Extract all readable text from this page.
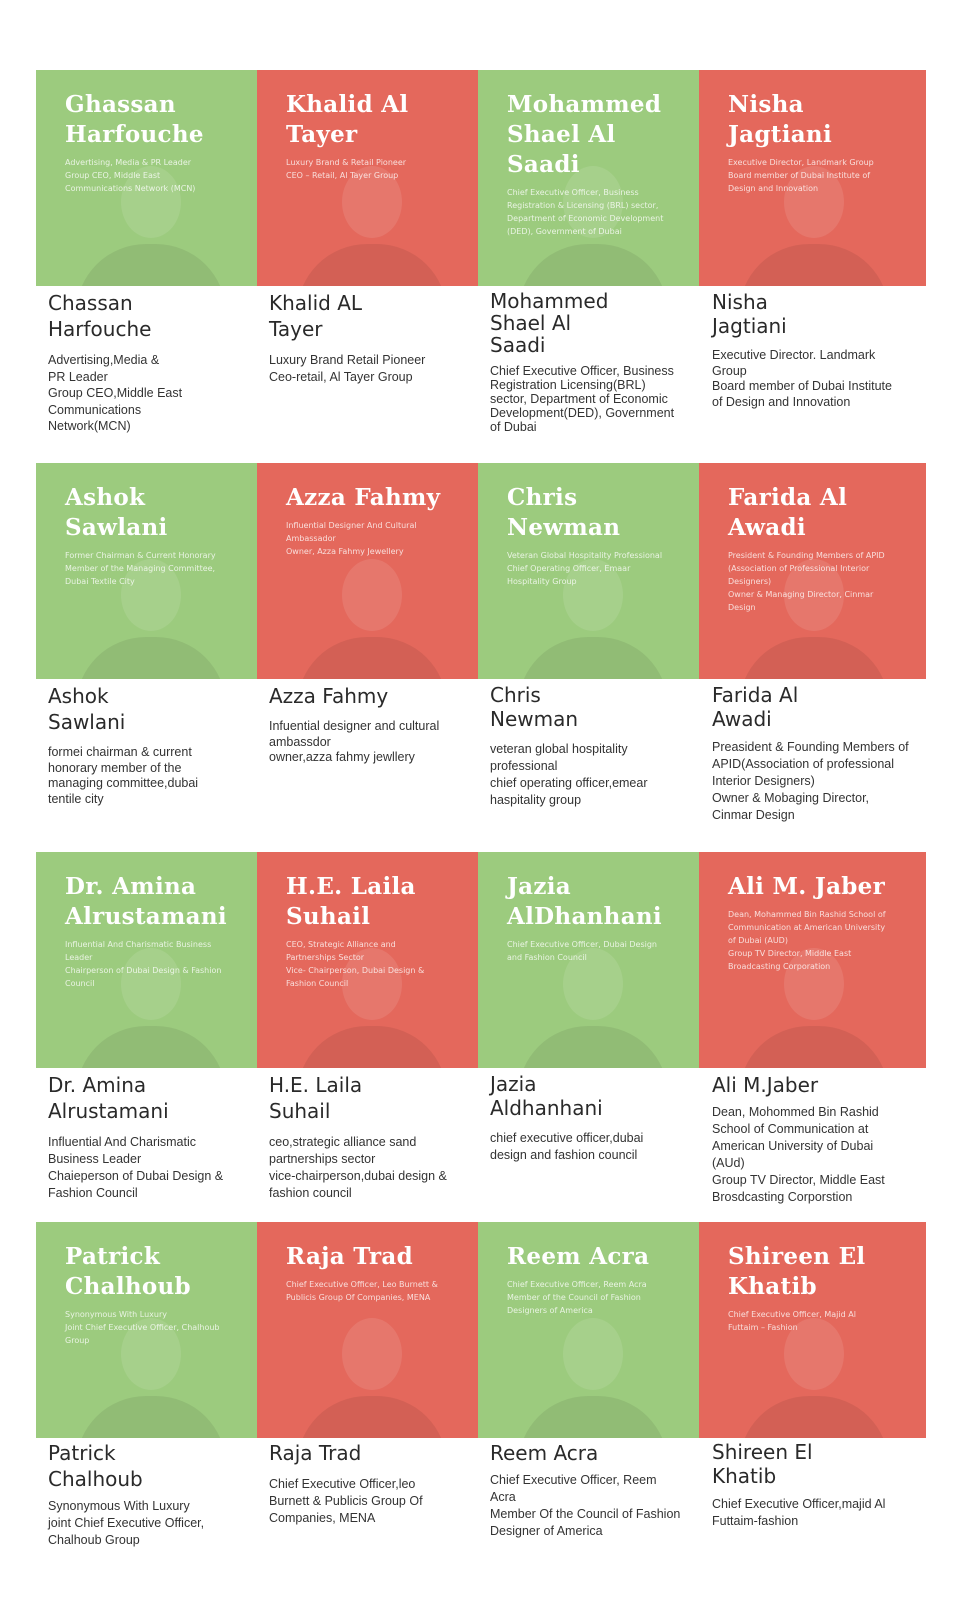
Ghassan Harfouche
Advertising, Media & PR Leader
Group CEO, Middle East Communications Network (MCN)
Khalid Al Tayer
Luxury Brand & Retail Pioneer
CEO – Retail, Al Tayer Group
Mohammed Shael Al Saadi
Chief Executive Officer, Business Registration & Licensing (BRL) sector, Department of Economic Development (DED), Government of Dubai
Nisha Jagtiani
Executive Director, Landmark Group
Board member of Dubai Institute of Design and Innovation
Chassan
Harfouche
Advertising,Media &
PR Leader
Group CEO,Middle East
Communications
Network(MCN)
Khalid AL
Tayer
Luxury Brand Retail Pioneer
Ceo-retail, Al Tayer Group
Mohammed
Shael Al
Saadi
Chief Executive Officer, Business
Registration Licensing(BRL)
sector, Department of Economic
Development(DED), Government
of Dubai
Nisha
Jagtiani
Executive Director. Landmark
Group
Board member of Dubai Institute
of Design and Innovation
Ashok Sawlani
Former Chairman & Current Honorary Member of the Managing Committee, Dubai Textile City
Azza Fahmy
Influential Designer And Cultural Ambassador
Owner, Azza Fahmy Jewellery
Chris Newman
Veteran Global Hospitality Professional
Chief Operating Officer, Emaar Hospitality Group
Farida Al Awadi
President & Founding Members of APID (Association of Professional Interior Designers)
Owner & Managing Director, Cinmar Design
Ashok
Sawlani
formei chairman & current
honorary member of the
managing committee,dubai
tentile city
Azza Fahmy
Infuential designer and cultural
ambassdor
owner,azza fahmy jewllery
Chris
Newman
veteran global hospitality
professional
chief operating officer,emear
haspitality group
Farida Al
Awadi
Preasident & Founding Members of
APID(Association of professional
Interior Designers)
Owner & Mobaging Director,
Cinmar Design
Dr. Amina Alrustamani
Influential And Charismatic Business Leader
Chairperson of Dubai Design & Fashion Council
H.E. Laila Suhail
CEO, Strategic Alliance and Partnerships Sector
Vice- Chairperson, Dubai Design & Fashion Council
Jazia AlDhanhani
Chief Executive Officer, Dubai Design and Fashion Council
Ali M. Jaber
Dean, Mohammed Bin Rashid School of Communication at American University of Dubai (AUD)
Group TV Director, Middle East Broadcasting Corporation
Dr. Amina
Alrustamani
Influential And Charismatic
Business Leader
Chaieperson of Dubai Design &
Fashion Council
H.E. Laila
Suhail
ceo,strategic alliance sand
partnerships sector
vice-chairperson,dubai design &
fashion council
Jazia
Aldhanhani
chief executive officer,dubai
design and fashion council
Ali M.Jaber
Dean, Mohommed Bin Rashid
School of Communication at
American University of Dubai
(AUd)
Group TV Director, Middle East
Brosdcasting Corporstion
Patrick Chalhoub
Synonymous With Luxury
Joint Chief Executive Officer, Chalhoub Group
Raja Trad
Chief Executive Officer, Leo Burnett & Publicis Group Of Companies, MENA
Reem Acra
Chief Executive Officer, Reem Acra
Member of the Council of Fashion Designers of America
Shireen El Khatib
Chief Executive Officer, Majid Al Futtaim – Fashion
Patrick
Chalhoub
Synonymous With Luxury
joint Chief Executive Officer,
Chalhoub Group
Raja Trad
Chief Executive Officer,leo
Burnett & Publicis Group Of
Companies, MENA
Reem Acra
Chief Executive Officer, Reem
Acra
Member Of the Council of Fashion
Designer of America
Shireen El
Khatib
Chief Executive Officer,majid Al
Futtaim-fashion
